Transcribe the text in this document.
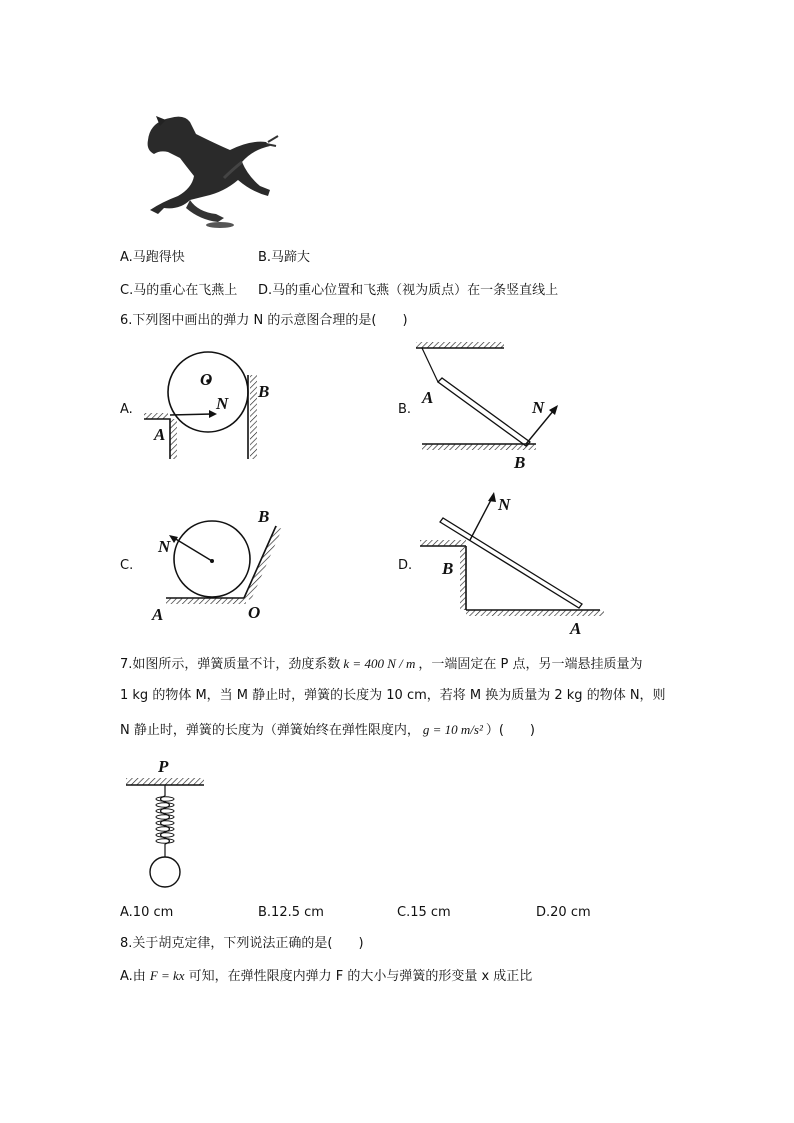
A.马跑得快	B.马蹄大
C.马的重心在飞燕上 D.马的重心位置和飞燕（视为质点）在一条竖直线上
6.下列图中画出的弹力 N 的示意图合理的是(　　)
A.
O
N
A
B
B.
A
N
B
C.
N
B
A	O
D.
N
B
A
7.如图所示，弹簧质量不计，劲度系数 k = 400 N / m ，一端固定在 P 点，另一端悬挂质量为
1 kg 的物体 M，当 M 静止时，弹簧的长度为 10 cm，若将 M 换为质量为 2 kg 的物体 N，则
N 静止时，弹簧的长度为（弹簧始终在弹性限度内， g = 10 m/s² ）(　　)
P
A.10 cm	B.12.5 cm	C.15 cm	D.20 cm
8.关于胡克定律，下列说法正确的是(　　)
A.由 F = kx 可知，在弹性限度内弹力 F 的大小与弹簧的形变量 x 成正比
